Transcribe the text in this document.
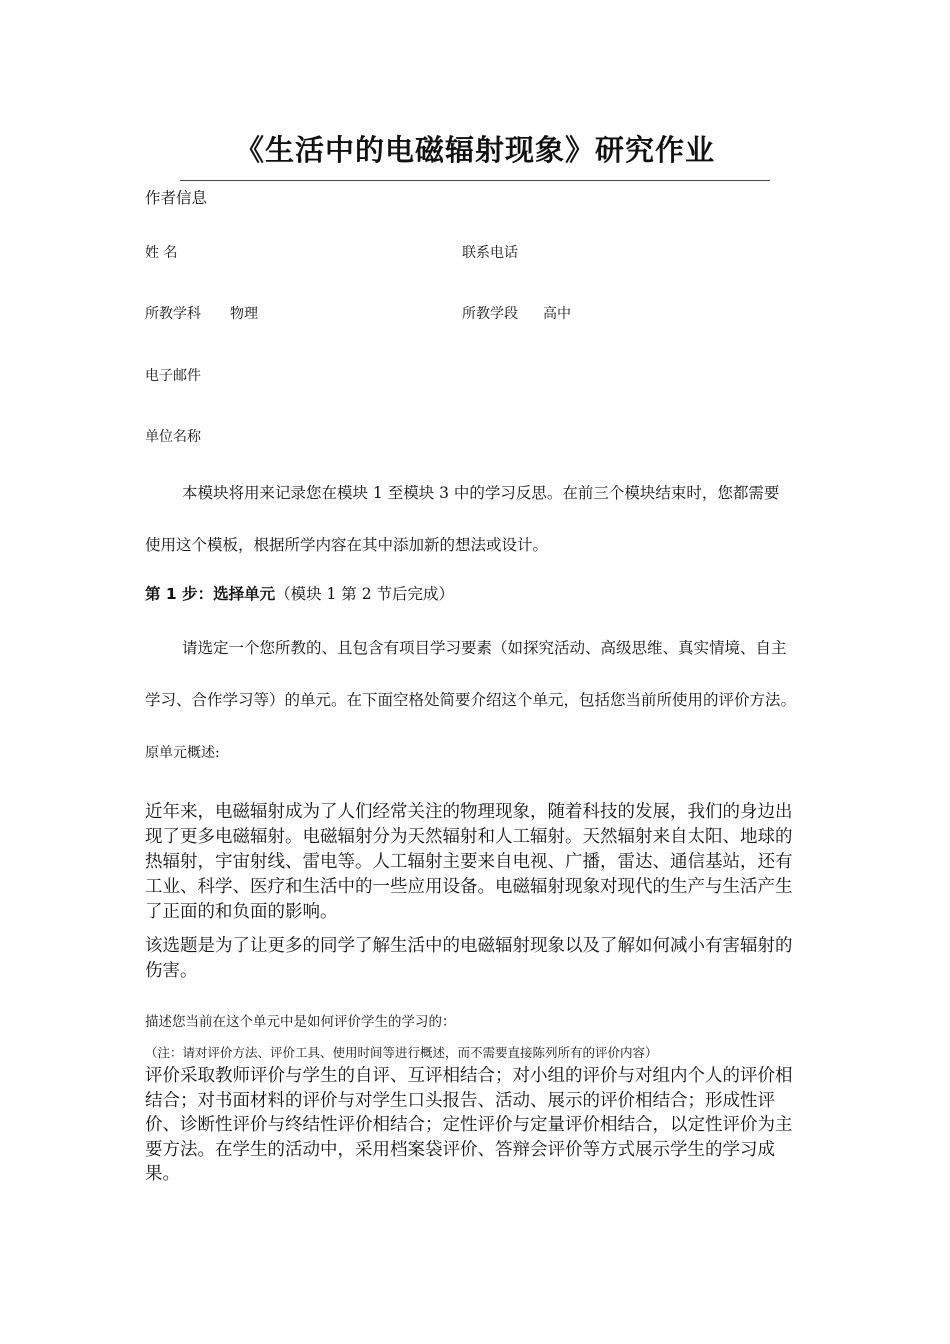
《生活中的电磁辐射现象》研究作业
作者信息
姓 名	联系电话
所教学科 物理	所教学段 高中
电子邮件
单位名称
本模块将用来记录您在模块 1 至模块 3 中的学习反思。在前三个模块结束时，您都需要
使用这个模板，根据所学内容在其中添加新的想法或设计。
第 1 步：选择单元（模块 1 第 2 节后完成）
请选定一个您所教的、且包含有项目学习要素（如探究活动、高级思维、真实情境、自主
学习、合作学习等）的单元。在下面空格处简要介绍这个单元，包括您当前所使用的评价方法。
原单元概述:
近年来，电磁辐射成为了人们经常关注的物理现象，随着科技的发展，我们的身边出现了更多电磁辐射。电磁辐射分为天然辐射和人工辐射。天然辐射来自太阳、地球的热辐射，宇宙射线、雷电等。人工辐射主要来自电视、广播，雷达、通信基站，还有工业、科学、医疗和生活中的一些应用设备。电磁辐射现象对现代的生产与生活产生了正面的和负面的影响。
该选题是为了让更多的同学了解生活中的电磁辐射现象以及了解如何减小有害辐射的伤害。
描述您当前在这个单元中是如何评价学生的学习的：
（注：请对评价方法、评价工具、使用时间等进行概述，而不需要直接陈列所有的评价内容）
评价采取教师评价与学生的自评、互评相结合；对小组的评价与对组内个人的评价相结合；对书面材料的评价与对学生口头报告、活动、展示的评价相结合；形成性评价、诊断性评价与终结性评价相结合；定性评价与定量评价相结合，以定性评价为主要方法。在学生的活动中，采用档案袋评价、答辩会评价等方式展示学生的学习成果。
